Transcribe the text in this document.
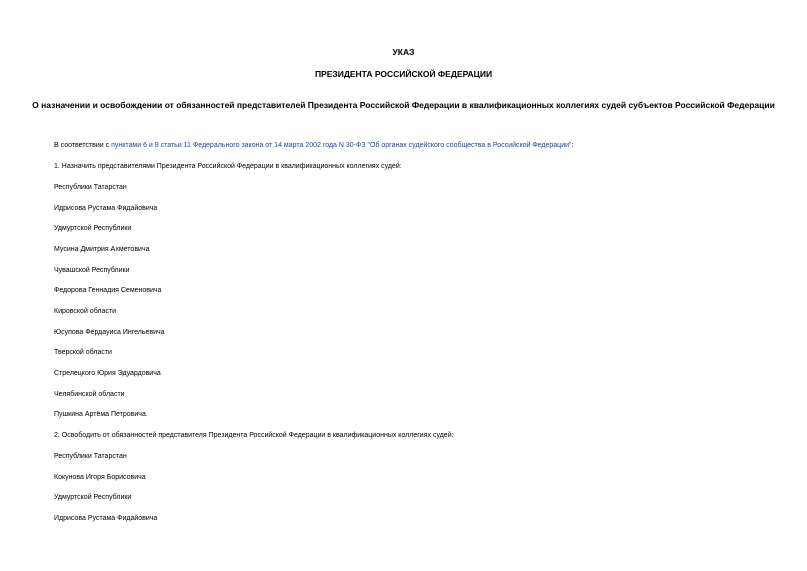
УКАЗ
ПРЕЗИДЕНТА РОССИЙСКОЙ ФЕДЕРАЦИИ
О назначении и освобождении от обязанностей представителей Президента Российской Федерации в квалификационных коллегиях судей субъектов Российской Федерации
В соответствии с пунктами 6 и 8 статьи 11 Федерального закона от 14 марта 2002 года N 30-ФЗ "Об органах судейского сообщества в Российской Федерации":
1. Назначить представителями Президента Российской Федерации в квалификационных коллегиях судей:
Республики Татарстан
Идрисова Рустама Фидайовича
Удмуртской Республики
Мусина Дмитрия Ахметовича
Чувашской Республики
Федорова Геннадия Семеновича
Кировской области
Юсупова Фердауиса Ингельевича
Тверской области
Стрелецкого Юрия Эдуардовича
Челябинской области
Пушкина Артёма Петровича.
2. Освободить от обязанностей представителя Президента Российской Федерации в квалификационных коллегиях судей:
Республики Татарстан
Кокунова Игоря Борисовича
Удмуртской Республики
Идрисова Рустама Фидайовича
